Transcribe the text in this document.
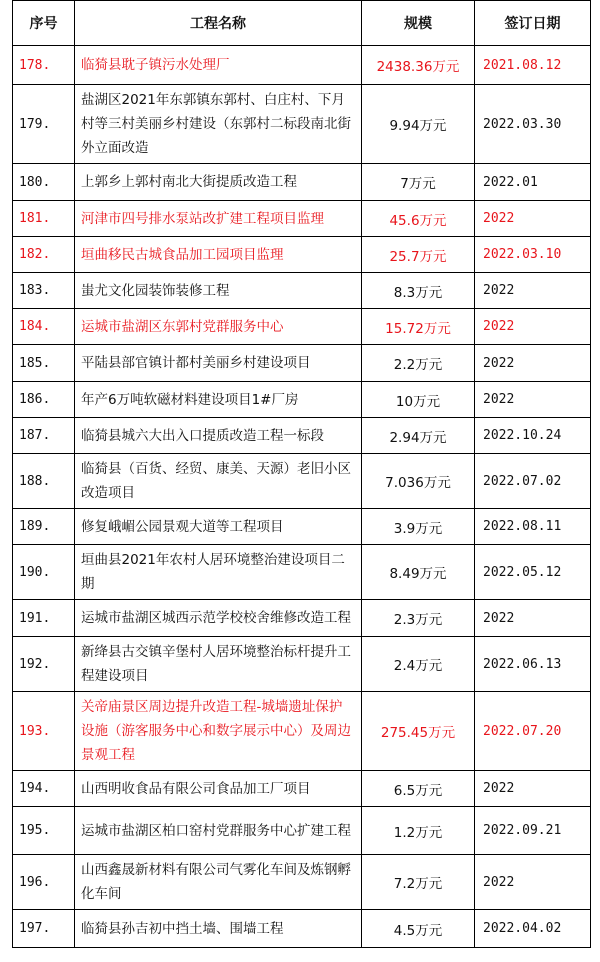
序号	工程名称	规模	签订日期
178.	临猗县耽子镇污水处理厂	2438.36万元	2021.08.12
179.	盐湖区2021年东郭镇东郭村、白庄村、下月村等三村美丽乡村建设（东郭村二标段南北街外立面改造	9.94万元	2022.03.30
180.	上郭乡上郭村南北大街提质改造工程	7万元	2022.01
181.	河津市四号排水泵站改扩建工程项目监理	45.6万元	2022
182.	垣曲移民古城食品加工园项目监理	25.7万元	2022.03.10
183.	蚩尤文化园装饰装修工程	8.3万元	2022
184.	运城市盐湖区东郭村党群服务中心	15.72万元	2022
185.	平陆县部官镇计都村美丽乡村建设项目	2.2万元	2022
186.	年产6万吨软磁材料建设项目1#厂房	10万元	2022
187.	临猗县城六大出入口提质改造工程一标段	2.94万元	2022.10.24
188.	临猗县（百货、经贸、康美、天源）老旧小区改造项目	7.036万元	2022.07.02
189.	修复峨嵋公园景观大道等工程项目	3.9万元	2022.08.11
190.	垣曲县2021年农村人居环境整治建设项目二期	8.49万元	2022.05.12
191.	运城市盐湖区城西示范学校校舍维修改造工程	2.3万元	2022
192.	新绛县古交镇辛堡村人居环境整治标杆提升工程建设项目	2.4万元	2022.06.13
193.	关帝庙景区周边提升改造工程-城墙遗址保护设施（游客服务中心和数字展示中心）及周边景观工程	275.45万元	2022.07.20
194.	山西明收食品有限公司食品加工厂项目	6.5万元	2022
195.	运城市盐湖区柏口窑村党群服务中心扩建工程	1.2万元	2022.09.21
196.	山西鑫晟新材料有限公司气雾化车间及炼钢孵化车间	7.2万元	2022
197.	临猗县孙吉初中挡土墙、围墙工程	4.5万元	2022.04.02
